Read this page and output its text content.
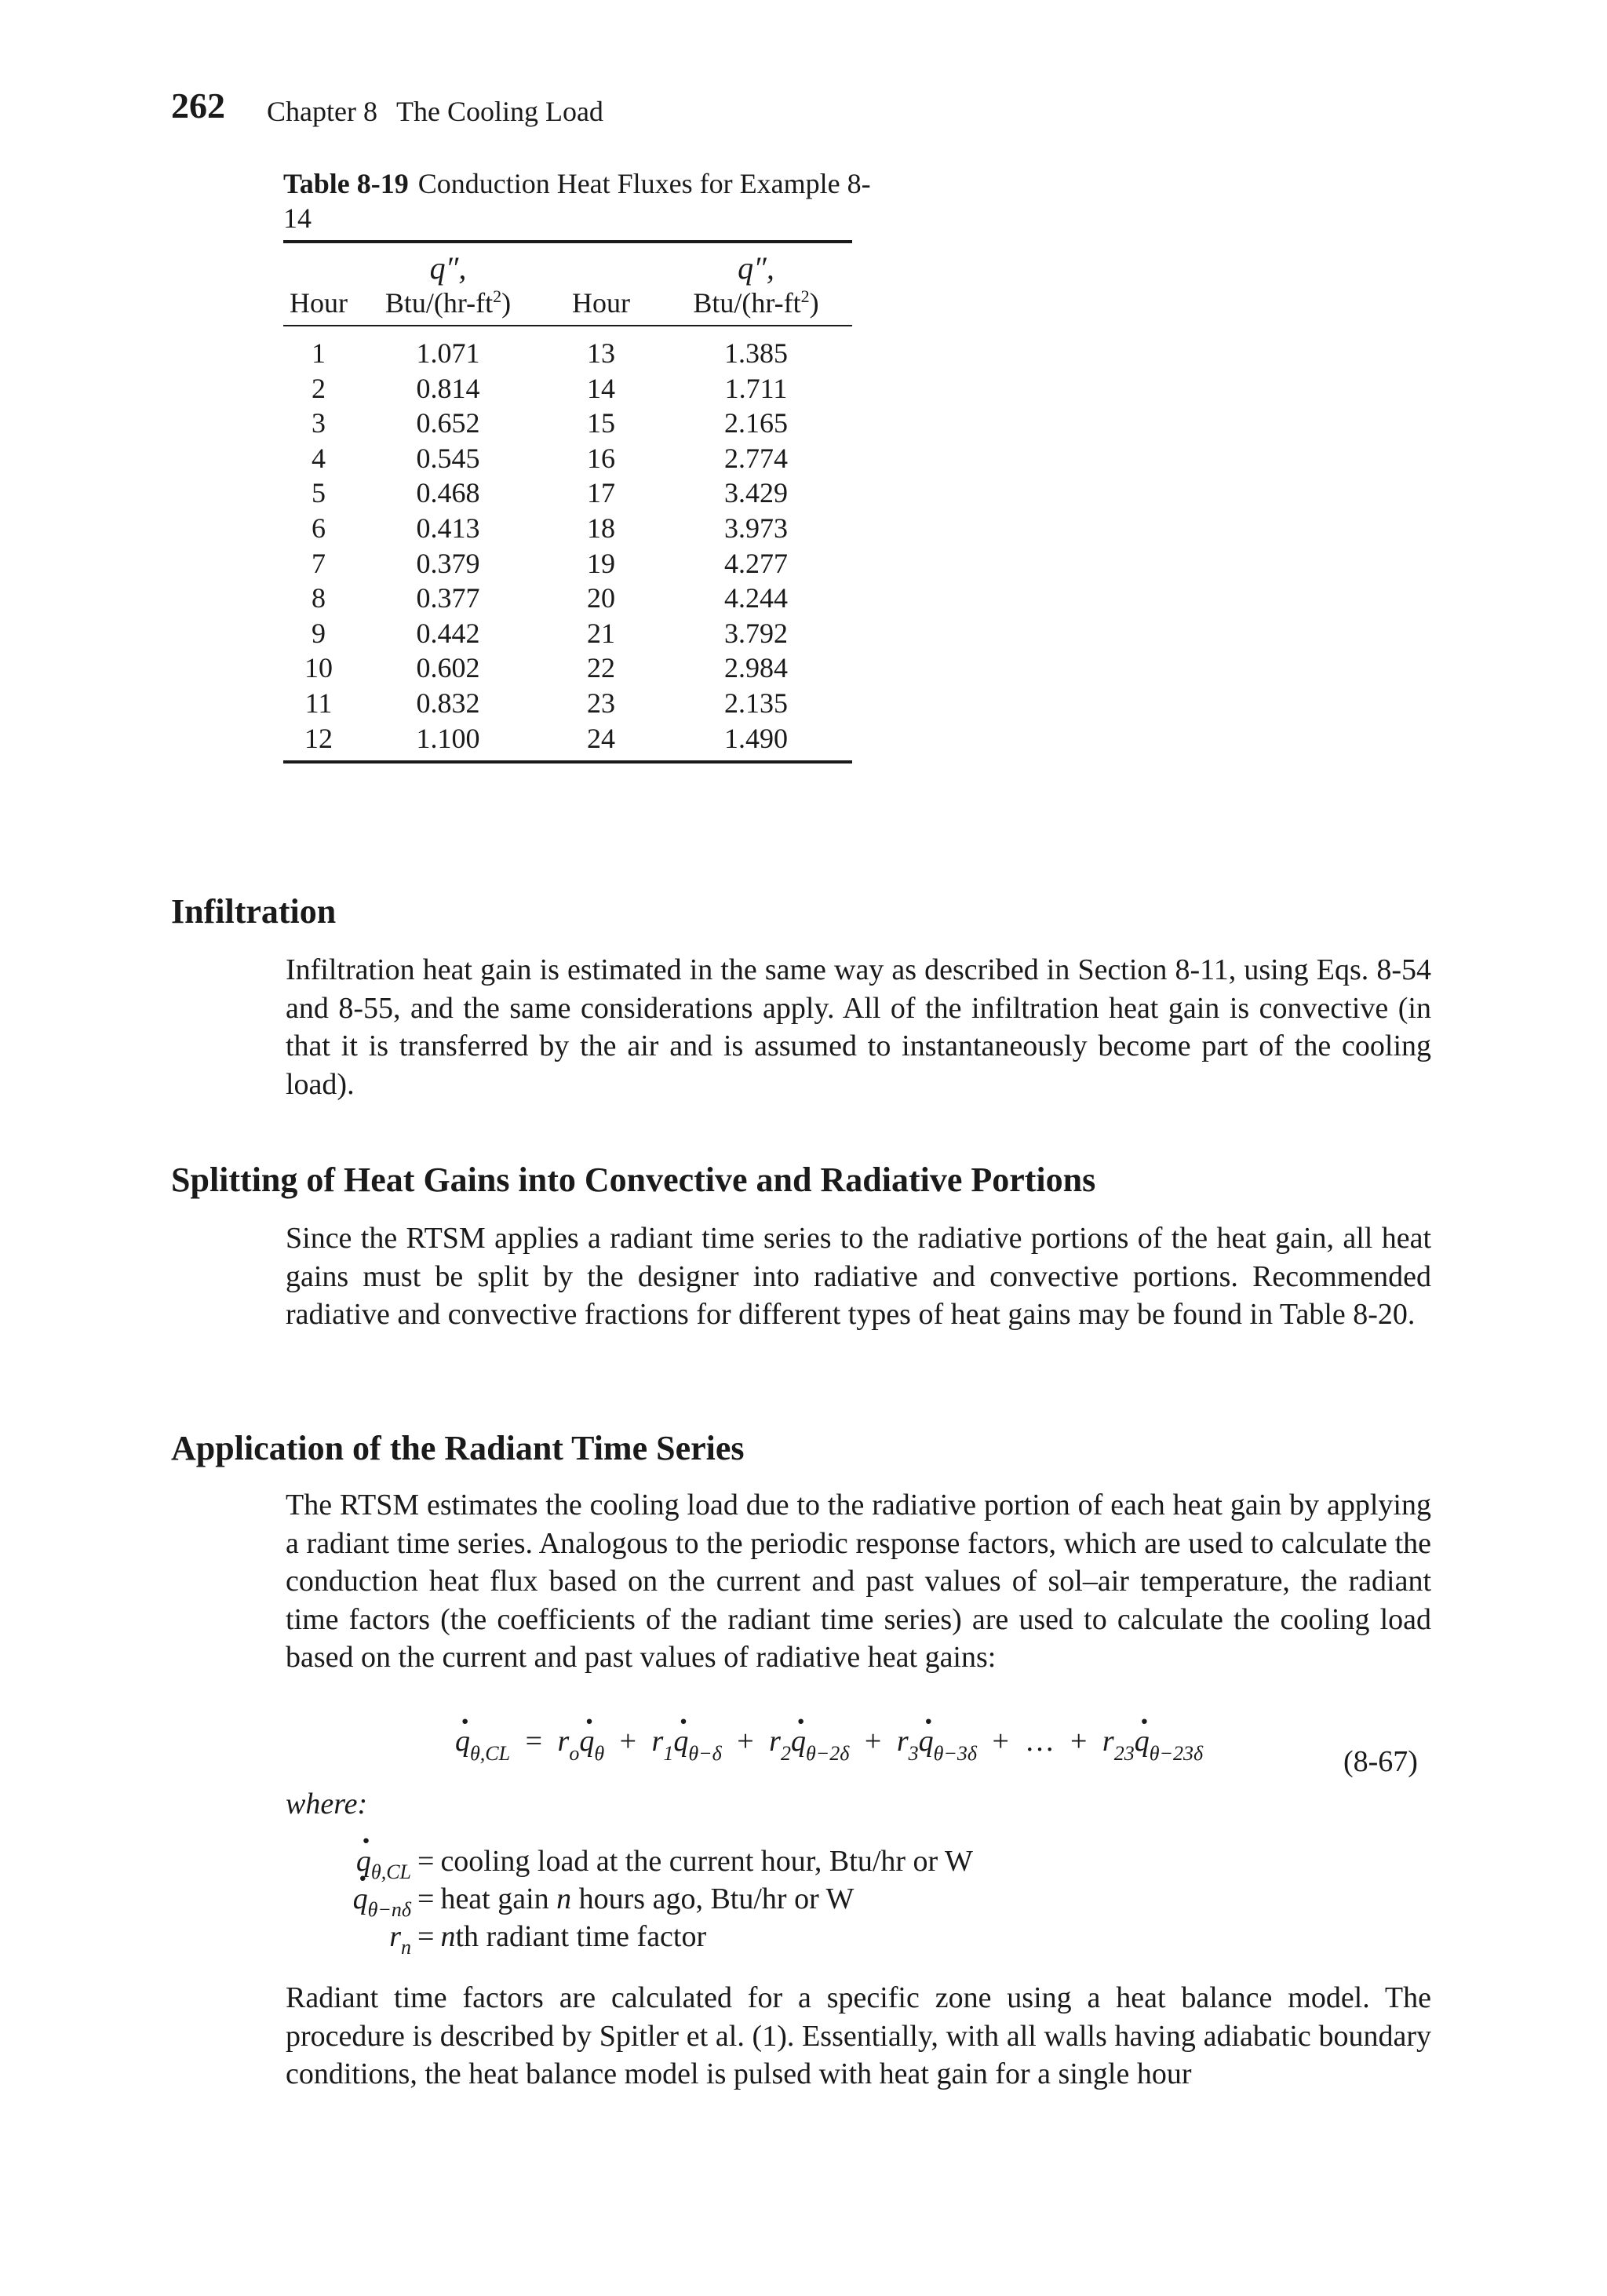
262 Chapter 8 The Cooling Load
Table 8-19 Conduction Heat Fluxes for Example 8-14

	q″,		q″,
Hour	Btu/$(hr-ft^2)$	Hour	Btu/$(hr-ft^2)$
1	1.071	13	1.385
2	0.814	14	1.711
3	0.652	15	2.165
4	0.545	16	2.774
5	0.468	17	3.429
6	0.413	18	3.973
7	0.379	19	4.277
8	0.377	20	4.244
9	0.442	21	3.792
10	0.602	22	2.984
11	0.832	23	2.135
12	1.100	24	1.490
Infiltration

Infiltration heat gain is estimated in the same way as described in Section 8-11, using Eqs. 8-54 and 8-55, and the same considerations apply. All of the infiltration heat gain is convective (in that it is transferred by the air and is assumed to instantaneously become part of the cooling load).

Splitting of Heat Gains into Convective and Radiative Portions

Since the RTSM applies a radiant time series to the radiative portions of the heat gain, all heat gains must be split by the designer into radiative and convective portions. Recommended radiative and convective fractions for different types of heat gains may be found in Table 8-20.

Application of the Radiant Time Series

The RTSM estimates the cooling load due to the radiative portion of each heat gain by applying a radiant time series. Analogous to the periodic response factors, which are used to calculate the conduction heat flux based on the current and past values of sol–air temperature, the radiant time factors (the coefficients of the radiant time series) are used to calculate the cooling load based on the current and past values of radiative heat gains:

· $q_{\theta,CL} = r_o\cdot q_\theta + r_1\cdot q_{\theta-\delta} + r_2\cdot q_{\theta-2\delta} + r_3\cdot q_{\theta-3\delta}$ + … + $r_{23}\cdot q_{\theta-23\delta}$	(8-67)
where:
· $q_{\theta,CL}$ = cooling load at the current hour, Btu/hr or W
· $q_{\theta-n\delta}$ = heat gain n hours ago, Btu/hr or W
$r_n$ = nth radiant time factor

Radiant time factors are calculated for a specific zone using a heat balance model. The procedure is described by Spitler et al. (1). Essentially, with all walls having adiabatic boundary conditions, the heat balance model is pulsed with heat gain for a single hour
